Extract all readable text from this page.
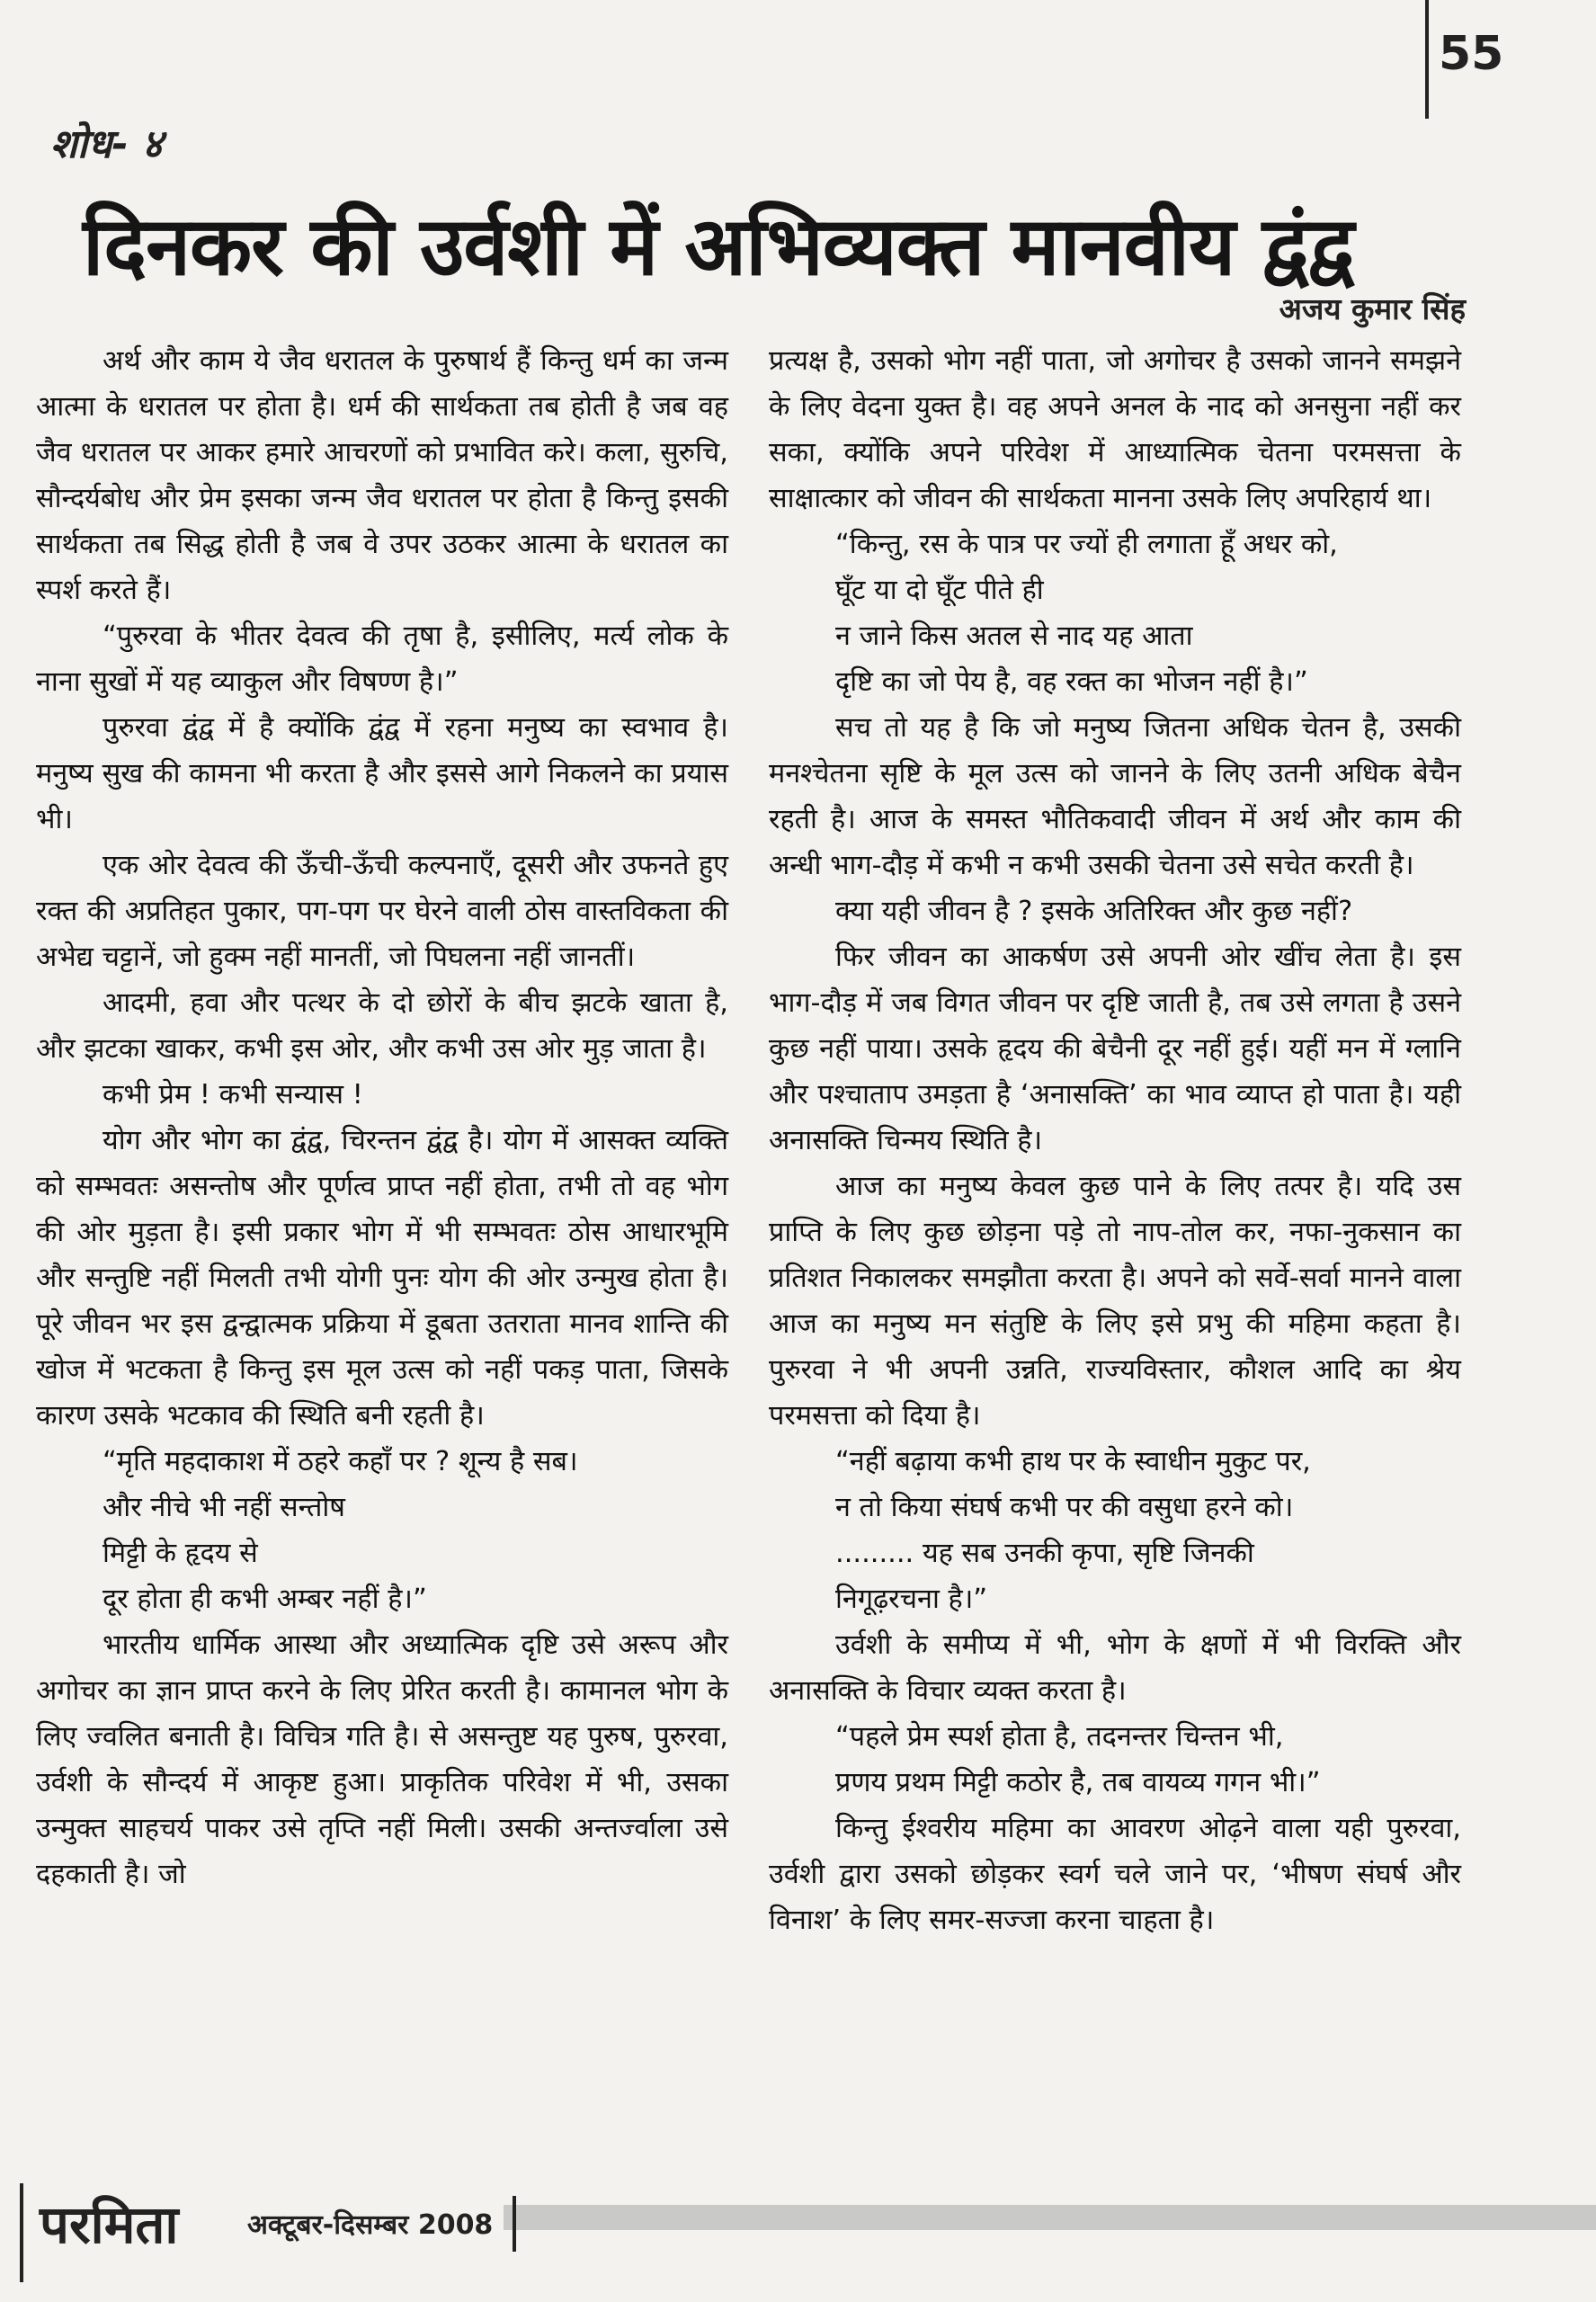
55
शोध- ४
दिनकर की उर्वशी में अभिव्यक्त मानवीय द्वंद्व
अजय कुमार सिंह

अर्थ और काम ये जैव धरातल के पुरुषार्थ हैं किन्तु धर्म का जन्म आत्मा के धरातल पर होता है। धर्म की सार्थकता तब होती है जब वह जैव धरातल पर आकर हमारे आचरणों को प्रभावित करे। कला, सुरुचि, सौन्दर्यबोध और प्रेम इसका जन्म जैव धरातल पर होता है किन्तु इसकी सार्थकता तब सिद्ध होती है जब वे उपर उठकर आत्मा के धरातल का स्पर्श करते हैं।

“पुरुरवा के भीतर देवत्व की तृषा है, इसीलिए, मर्त्य लोक के नाना सुखों में यह व्याकुल और विषण्ण है।”

पुरुरवा द्वंद्व में है क्योंकि द्वंद्व में रहना मनुष्य का स्वभाव है। मनुष्य सुख की कामना भी करता है और इससे आगे निकलने का प्रयास भी।

एक ओर देवत्व की ऊँची-ऊँची कल्पनाएँ, दूसरी और उफनते हुए रक्त की अप्रतिहत पुकार, पग-पग पर घेरने वाली ठोस वास्तविकता की अभेद्य चट्टानें, जो हुक्म नहीं मानतीं, जो पिघलना नहीं जानतीं।

आदमी, हवा और पत्थर के दो छोरों के बीच झटके खाता है, और झटका खाकर, कभी इस ओर, और कभी उस ओर मुड़ जाता है।

कभी प्रेम ! कभी सन्यास !

योग और भोग का द्वंद्व, चिरन्तन द्वंद्व है। योग में आसक्त व्यक्ति को सम्भवतः असन्तोष और पूर्णत्व प्राप्त नहीं होता, तभी तो वह भोग की ओर मुड़ता है। इसी प्रकार भोग में भी सम्भवतः ठोस आधारभूमि और सन्तुष्टि नहीं मिलती तभी योगी पुनः योग की ओर उन्मुख होता है। पूरे जीवन भर इस द्वन्द्वात्मक प्रक्रिया में डूबता उतराता मानव शान्ति की खोज में भटकता है किन्तु इस मूल उत्स को नहीं पकड़ पाता, जिसके कारण उसके भटकाव की स्थिति बनी रहती है।

“मृति महदाकाश में ठहरे कहाँ पर ? शून्य है सब।
और नीचे भी नहीं सन्तोष
मिट्टी के हृदय से
दूर होता ही कभी अम्बर नहीं है।”

भारतीय धार्मिक आस्था और अध्यात्मिक दृष्टि उसे अरूप और अगोचर का ज्ञान प्राप्त करने के लिए प्रेरित करती है। कामानल भोग के लिए ज्वलित बनाती है। विचित्र गति है। से असन्तुष्ट यह पुरुष, पुरुरवा, उर्वशी के सौन्दर्य में आकृष्ट हुआ। प्राकृतिक परिवेश में भी, उसका उन्मुक्त साहचर्य पाकर उसे तृप्ति नहीं मिली। उसकी अन्तर्ज्वाला उसे दहकाती है। जो

प्रत्यक्ष है, उसको भोग नहीं पाता, जो अगोचर है उसको जानने समझने के लिए वेदना युक्त है। वह अपने अनल के नाद को अनसुना नहीं कर सका, क्योंकि अपने परिवेश में आध्यात्मिक चेतना परमसत्ता के साक्षात्कार को जीवन की सार्थकता मानना उसके लिए अपरिहार्य था।

“किन्तु, रस के पात्र पर ज्यों ही लगाता हूँ अधर को,
घूँट या दो घूँट पीते ही
न जाने किस अतल से नाद यह आता
दृष्टि का जो पेय है, वह रक्त का भोजन नहीं है।”

सच तो यह है कि जो मनुष्य जितना अधिक चेतन है, उसकी मनश्चेतना सृष्टि के मूल उत्स को जानने के लिए उतनी अधिक बेचैन रहती है। आज के समस्त भौतिकवादी जीवन में अर्थ और काम की अन्धी भाग-दौड़ में कभी न कभी उसकी चेतना उसे सचेत करती है।

क्या यही जीवन है ? इसके अतिरिक्त और कुछ नहीं?

फिर जीवन का आकर्षण उसे अपनी ओर खींच लेता है। इस भाग-दौड़ में जब विगत जीवन पर दृष्टि जाती है, तब उसे लगता है उसने कुछ नहीं पाया। उसके हृदय की बेचैनी दूर नहीं हुई। यहीं मन में ग्लानि और पश्चाताप उमड़ता है ‘अनासक्ति’ का भाव व्याप्त हो पाता है। यही अनासक्ति चिन्मय स्थिति है।

आज का मनुष्य केवल कुछ पाने के लिए तत्पर है। यदि उस प्राप्ति के लिए कुछ छोड़ना पड़े तो नाप-तोल कर, नफा-नुकसान का प्रतिशत निकालकर समझौता करता है। अपने को सर्वे-सर्वा मानने वाला आज का मनुष्य मन संतुष्टि के लिए इसे प्रभु की महिमा कहता है। पुरुरवा ने भी अपनी उन्नति, राज्यविस्तार, कौशल आदि का श्रेय परमसत्ता को दिया है।

“नहीं बढ़ाया कभी हाथ पर के स्वाधीन मुकुट पर,
न तो किया संघर्ष कभी पर की वसुधा हरने को।
......... यह सब उनकी कृपा, सृष्टि जिनकी
निगूढ़रचना है।”

उर्वशी के समीप्य में भी, भोग के क्षणों में भी विरक्ति और अनासक्ति के विचार व्यक्त करता है।

“पहले प्रेम स्पर्श होता है, तदनन्तर चिन्तन भी,
प्रणय प्रथम मिट्टी कठोर है, तब वायव्य गगन भी।”

किन्तु ईश्वरीय महिमा का आवरण ओढ़ने वाला यही पुरुरवा, उर्वशी द्वारा उसको छोड़कर स्वर्ग चले जाने पर, ‘भीषण संघर्ष और विनाश’ के लिए समर-सज्जा करना चाहता है।

परमिता	अक्टूबर-दिसम्बर 2008
